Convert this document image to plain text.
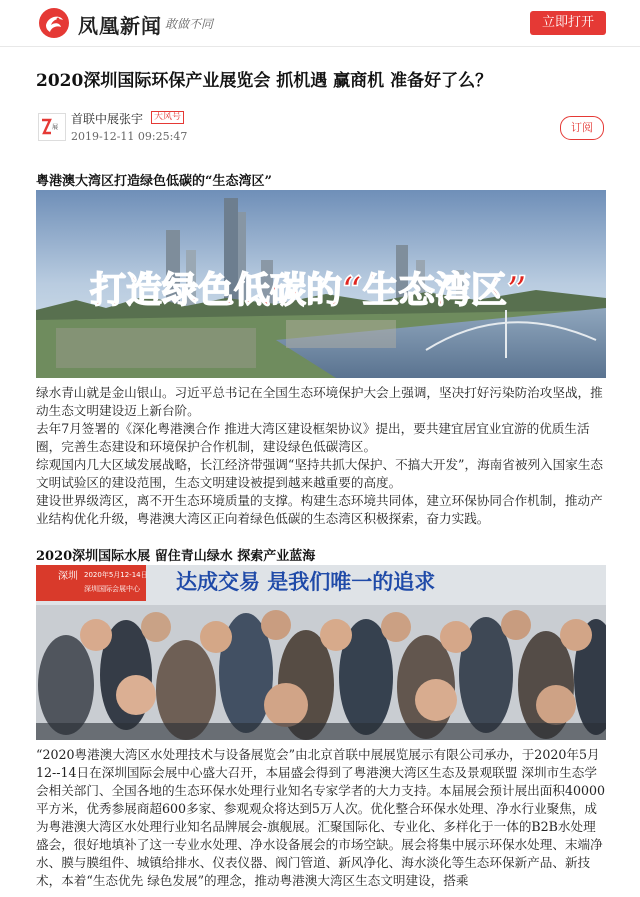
凤凰新闻 敢做不同	立即打开
2020深圳国际环保产业展览会 抓机遇 赢商机 准备好了么？
展
首联中展张宇	大风号
2019-12-11 09:25:47
订阅
粤港澳大湾区打造绿色低碳的“生态湾区”
打造绿色低碳的“生态湾区”

绿水青山就是金山银山。习近平总书记在全国生态环境保护大会上强调，坚决打好污染防治攻坚战，推动生态文明建设迈上新台阶。

去年7月签署的《深化粤港澳合作 推进大湾区建设框架协议》提出，要共建宜居宜业宜游的优质生活圈，完善生态建设和环境保护合作机制，建设绿色低碳湾区。

综观国内几大区域发展战略，长江经济带强调“坚持共抓大保护、不搞大开发”，海南省被列入国家生态文明试验区的建设范围，生态文明建设被提到越来越重要的高度。

建设世界级湾区，离不开生态环境质量的支撑。构建生态环境共同体，建立环保协同合作机制，推动产业结构优化升级，粤港澳大湾区正向着绿色低碳的生态湾区积极探索，奋力实践。

2020深圳国际水展 留住青山绿水 探索产业蓝海
深圳 2020年5月12-14日
深圳国际会展中心 达成交易 是我们唯一的追求

“2020粤港澳大湾区水处理技术与设备展览会”由北京首联中展展览展示有限公司承办，于2020年5月12--14日在深圳国际会展中心盛大召开，本届盛会得到了粤港澳大湾区生态及景观联盟 深圳市生态学会相关部门、全国各地的生态环保水处理行业知名专家学者的大力支持。本届展会预计展出面积40000平方米，优秀参展商超600多家、参观观众将达到5万人次。优化整合环保水处理、净水行业聚焦，成为粤港澳大湾区水处理行业知名品牌展会-旗舰展。汇聚国际化、专业化、多样化于一体的B2B水处理盛会，很好地填补了这一专业水处理、净水设备展会的市场空缺。展会将集中展示环保水处理、末端净水、膜与膜组件、城镇给排水、仪表仪器、阀门管道、新风净化、海水淡化等生态环保新产品、新技术，本着“生态优先 绿色发展”的理念，推动粤港澳大湾区生态文明建设，搭乘
